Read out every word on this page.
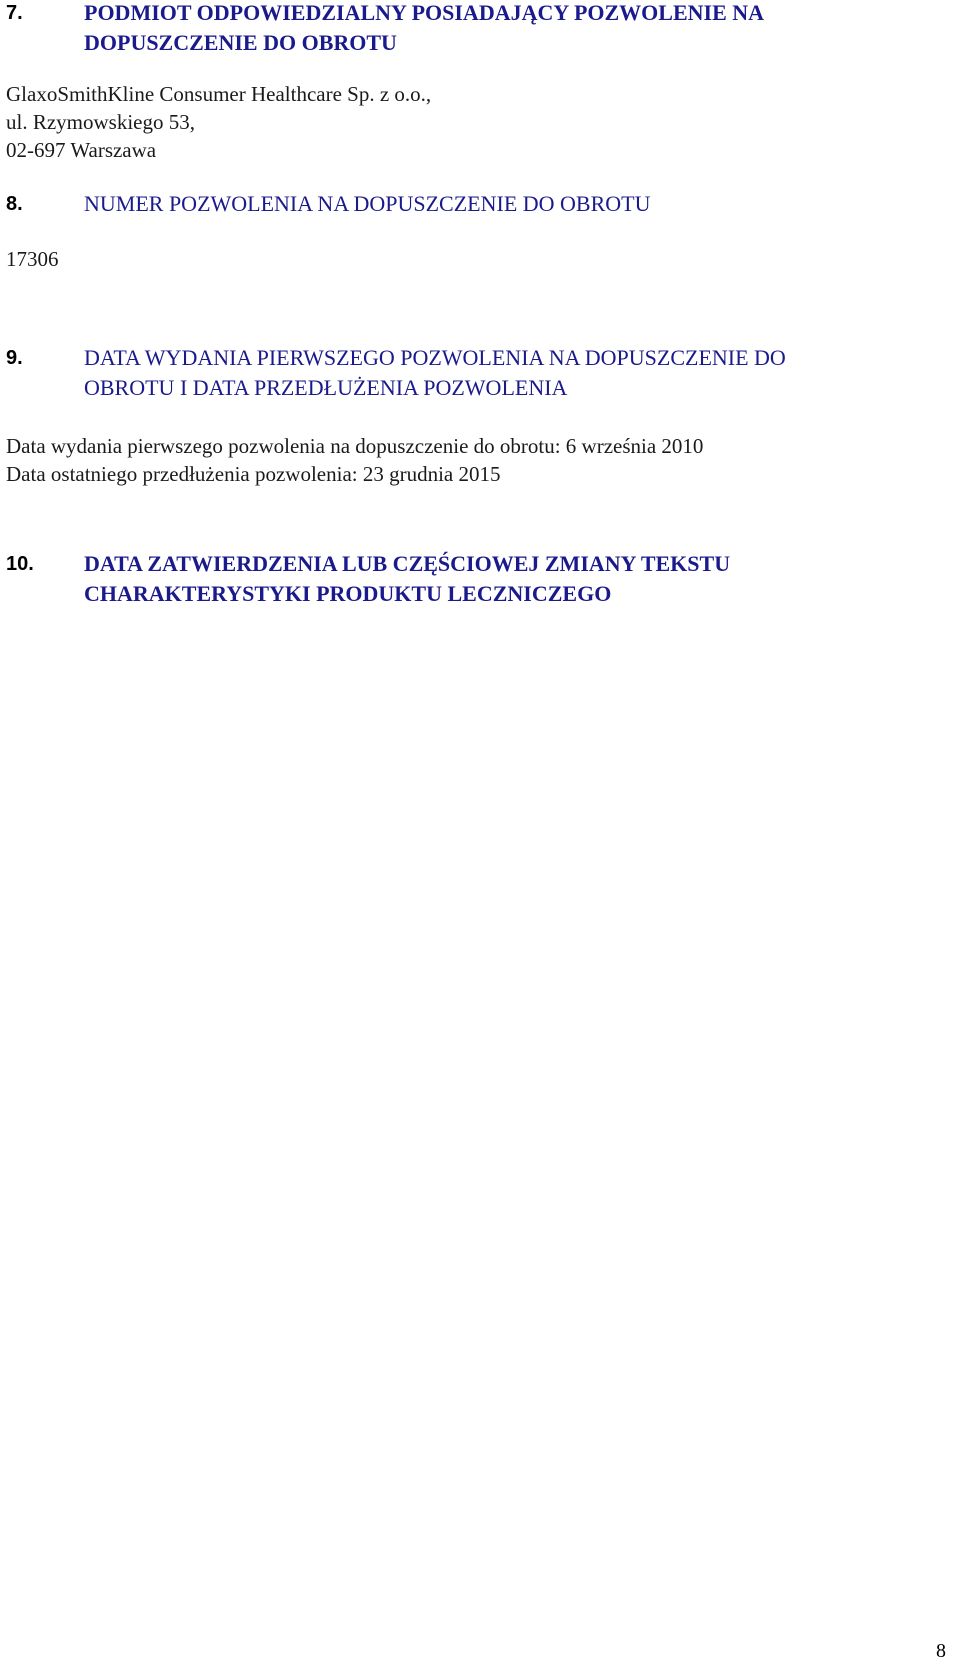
7.	PODMIOT ODPOWIEDZIALNY POSIADAJĄCY POZWOLENIE NA
DOPUSZCZENIE DO OBROTU
GlaxoSmithKline Consumer Healthcare Sp. z o.o.,
ul. Rzymowskiego 53,
02-697 Warszawa
8.	NUMER POZWOLENIA NA DOPUSZCZENIE DO OBROTU
17306
9.	DATA WYDANIA PIERWSZEGO POZWOLENIA NA DOPUSZCZENIE DO
OBROTU I DATA PRZEDŁUŻENIA POZWOLENIA
Data wydania pierwszego pozwolenia na dopuszczenie do obrotu: 6 września 2010
Data ostatniego przedłużenia pozwolenia: 23 grudnia 2015
10. DATA ZATWIERDZENIA LUB CZĘŚCIOWEJ ZMIANY TEKSTU
CHARAKTERYSTYKI PRODUKTU LECZNICZEGO
8
